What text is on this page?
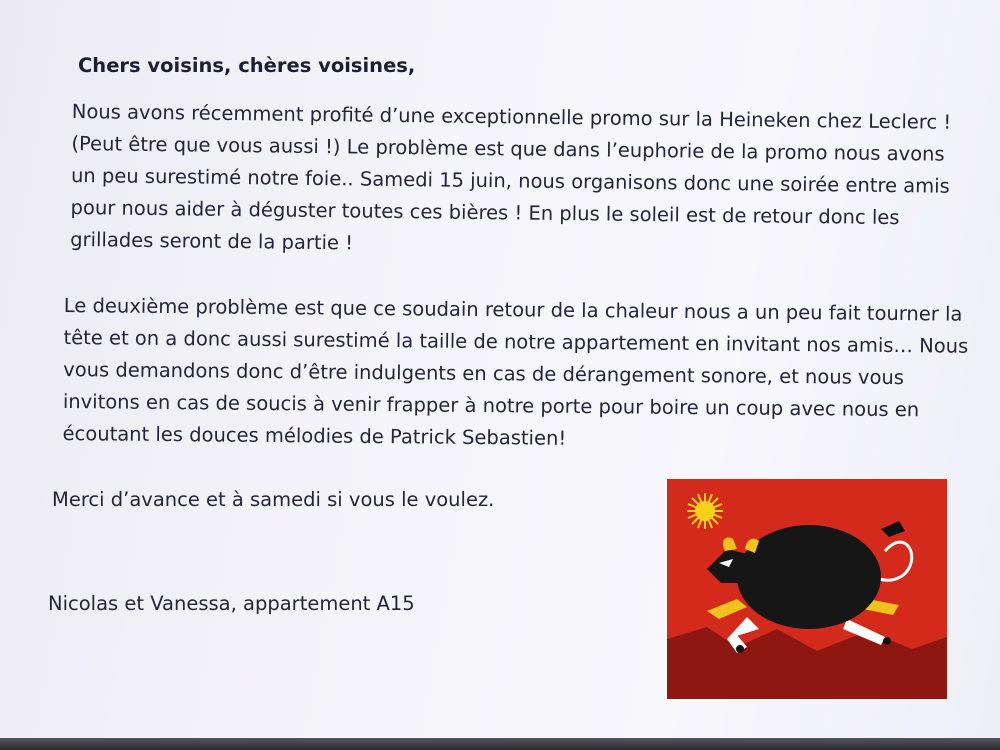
Chers voisins, chères voisines,

Nous avons récemment profité d’une exceptionnelle promo sur la Heineken chez Leclerc ! (Peut être que vous aussi !) Le problème est que dans l’euphorie de la promo nous avons un peu surestimé notre foie.. Samedi 15 juin, nous organisons donc une soirée entre amis pour nous aider à déguster toutes ces bières ! En plus le soleil est de retour donc les grillades seront de la partie !

Le deuxième problème est que ce soudain retour de la chaleur nous a un peu fait tourner la tête et on a donc aussi surestimé la taille de notre appartement en invitant nos amis… Nous vous demandons donc d’être indulgents en cas de dérangement sonore, et nous vous invitons en cas de soucis à venir frapper à notre porte pour boire un coup avec nous en écoutant les douces mélodies de Patrick Sebastien!

Merci d’avance et à samedi si vous le voulez.

Nicolas et Vanessa, appartement A15
